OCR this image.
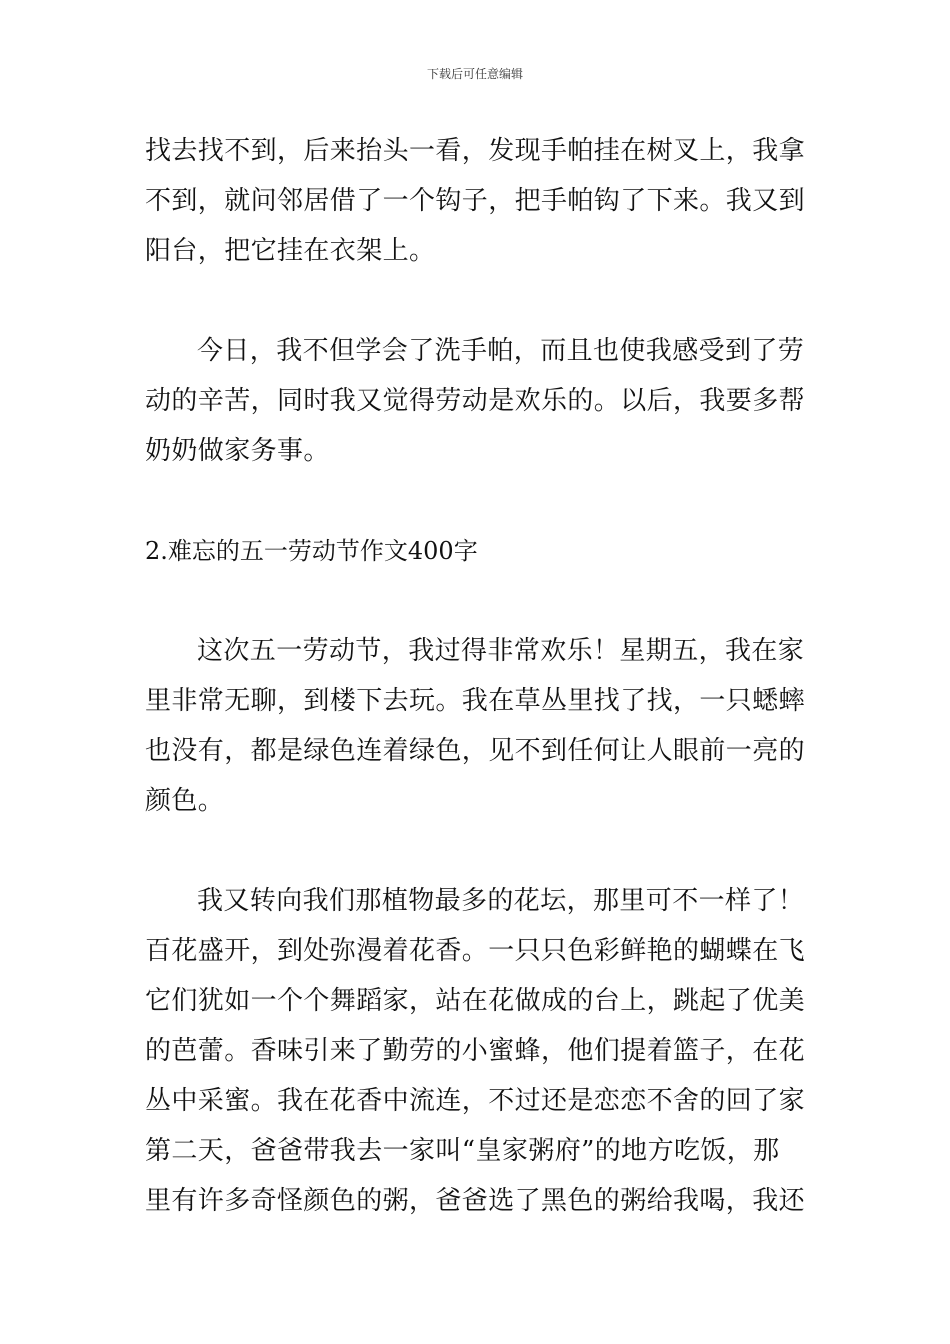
下载后可任意编辑
找去找不到，后来抬头一看，发现手帕挂在树叉上，我拿
不到，就问邻居借了一个钩子，把手帕钩了下来。我又到
阳台，把它挂在衣架上。
今日，我不但学会了洗手帕，而且也使我感受到了劳
动的辛苦，同时我又觉得劳动是欢乐的。以后，我要多帮
奶奶做家务事。
2.难忘的五一劳动节作文400字
这次五一劳动节，我过得非常欢乐！星期五，我在家
里非常无聊，到楼下去玩。我在草丛里找了找，一只蟋蟀
也没有，都是绿色连着绿色，见不到任何让人眼前一亮的
颜色。
我又转向我们那植物最多的花坛，那里可不一样了！
百花盛开，到处弥漫着花香。一只只色彩鲜艳的蝴蝶在飞
它们犹如一个个舞蹈家，站在花做成的台上，跳起了优美
的芭蕾。香味引来了勤劳的小蜜蜂，他们提着篮子，在花
丛中采蜜。我在花香中流连，不过还是恋恋不舍的回了家
第二天，爸爸带我去一家叫“皇家粥府”的地方吃饭，那
里有许多奇怪颜色的粥，爸爸选了黑色的粥给我喝，我还
